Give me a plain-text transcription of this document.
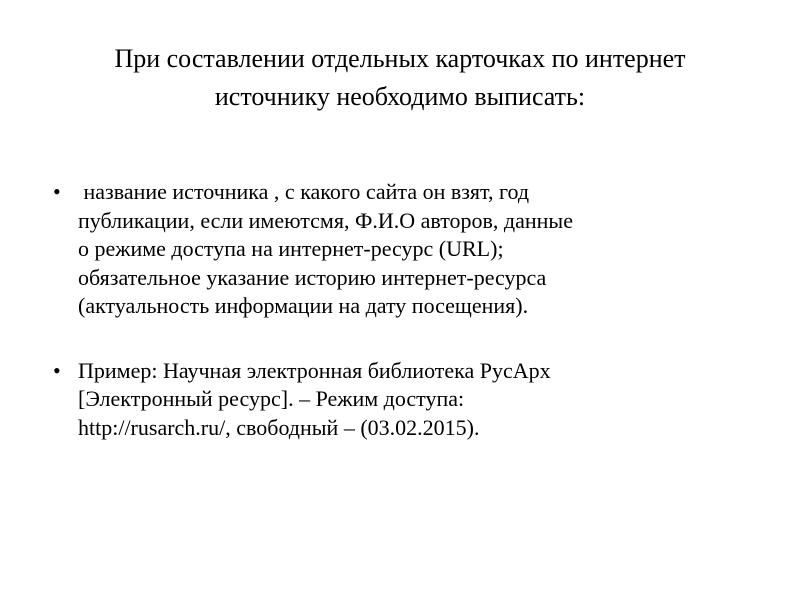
При составлении отдельных карточках по интернет
источнику необходимо выписать:
• название источника , с какого сайта он взят, год
публикации, если имеютсмя, Ф.И.О авторов, данные
о режиме доступа на интернет-ресурс (URL);
обязательное указание историю интернет-ресурса
(актуальность информации на дату посещения).
• Пример: Научная электронная библиотека РусАрх
[Электронный ресурс]. – Режим доступа:
http://rusarch.ru/, свободный – (03.02.2015).
